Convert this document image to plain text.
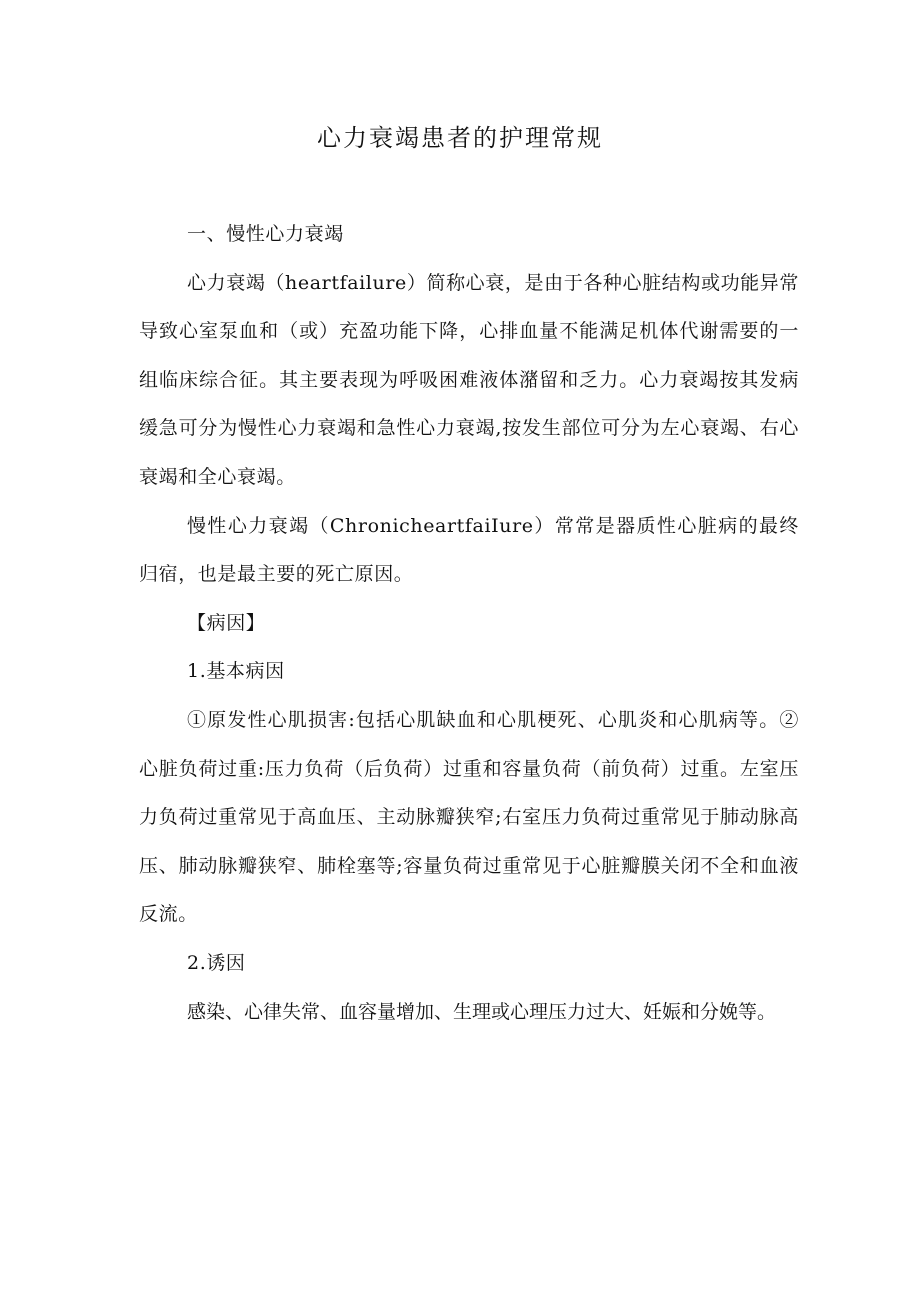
心力衰竭患者的护理常规

一、慢性心力衰竭

心力衰竭（heartfailure）简称心衰，是由于各种心脏结构或功能异常导致心室泵血和（或）充盈功能下降，心排血量不能满足机体代谢需要的一组临床综合征。其主要表现为呼吸困难液体潴留和乏力。心力衰竭按其发病缓急可分为慢性心力衰竭和急性心力衰竭,按发生部位可分为左心衰竭、右心衰竭和全心衰竭。

慢性心力衰竭（ChronicheartfaiIure）常常是器质性心脏病的最终归宿，也是最主要的死亡原因。

【病因】

1.基本病因

①原发性心肌损害:包括心肌缺血和心肌梗死、心肌炎和心肌病等。②心脏负荷过重:压力负荷（后负荷）过重和容量负荷（前负荷）过重。左室压力负荷过重常见于高血压、主动脉瓣狭窄;右室压力负荷过重常见于肺动脉高压、肺动脉瓣狭窄、肺栓塞等;容量负荷过重常见于心脏瓣膜关闭不全和血液反流。

2.诱因

感染、心律失常、血容量增加、生理或心理压力过大、妊娠和分娩等。
